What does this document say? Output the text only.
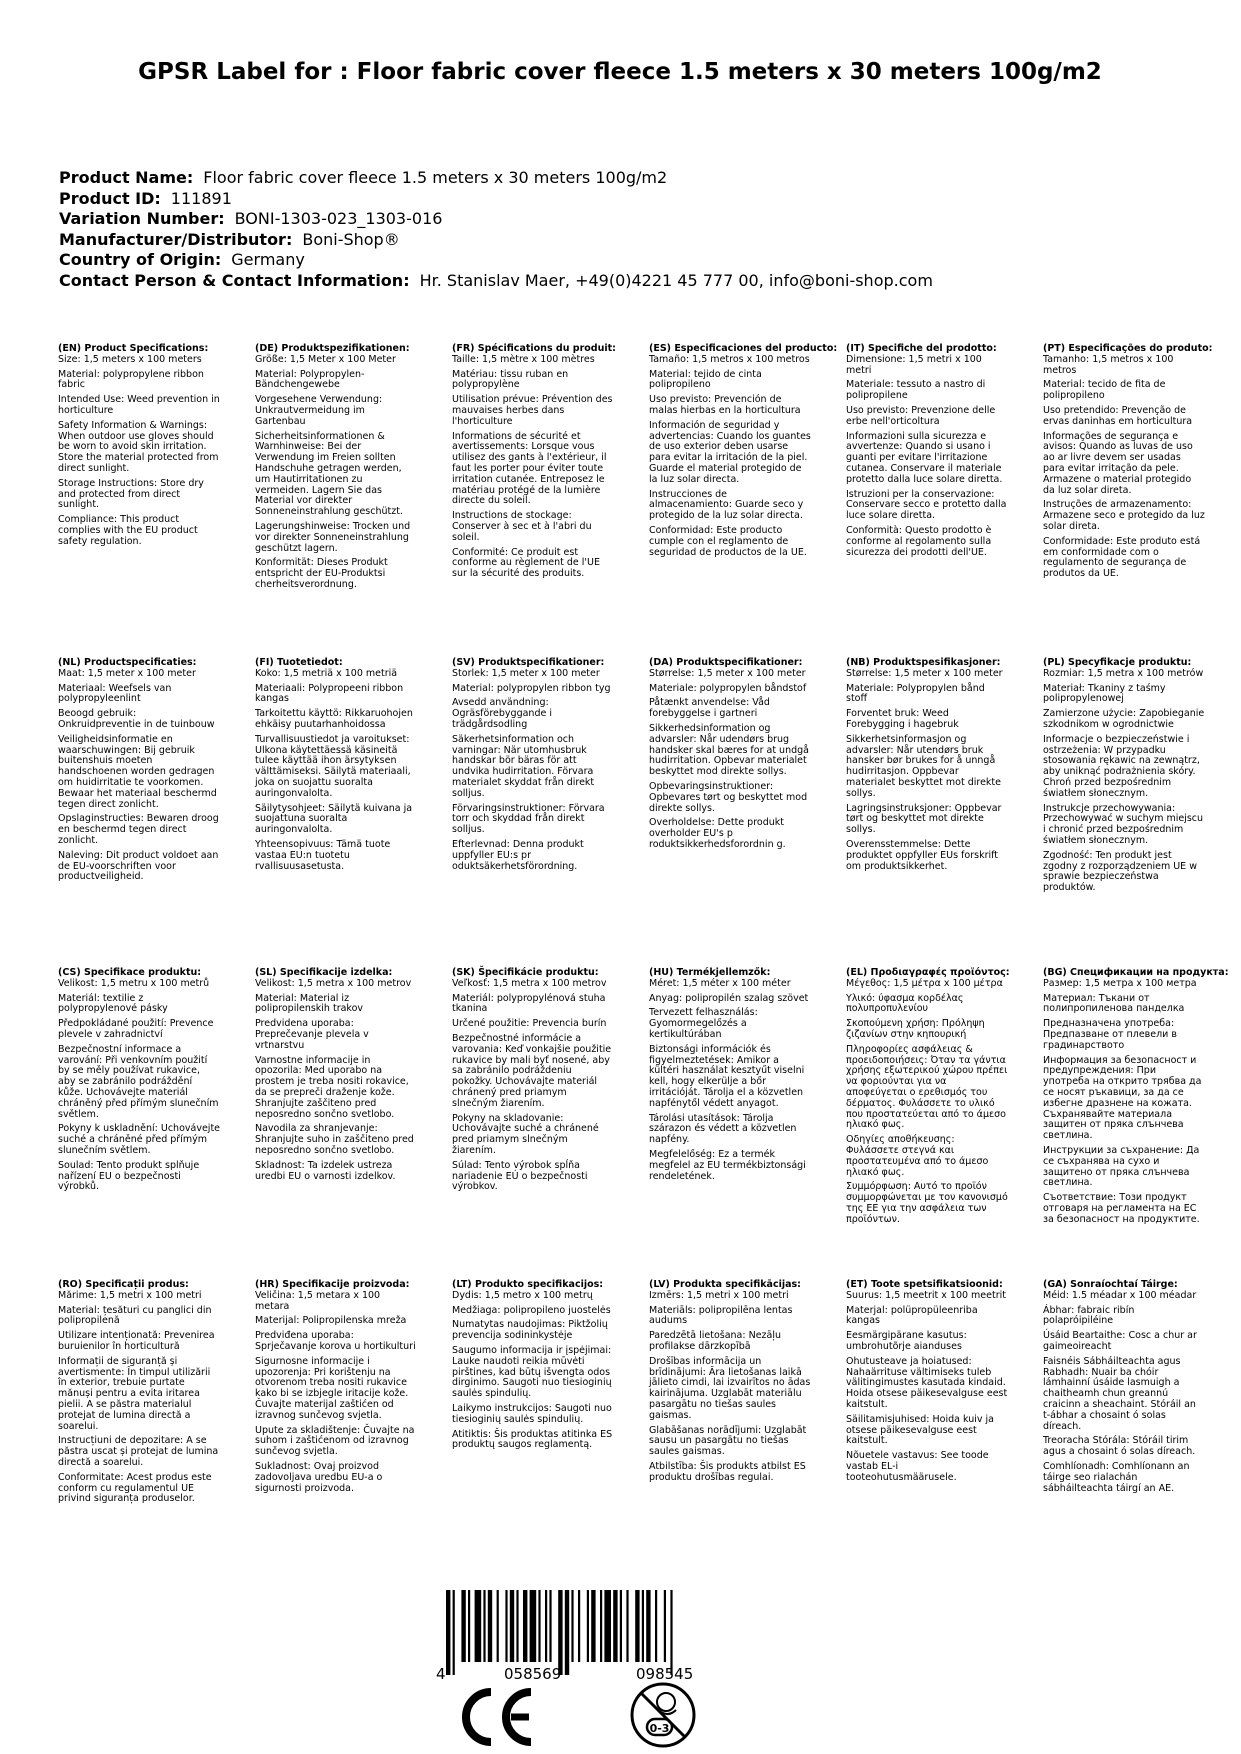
GPSR Label for : Floor fabric cover fleece 1.5 meters x 30 meters 100g/m2
Product Name: Floor fabric cover fleece 1.5 meters x 30 meters 100g/m2
Product ID: 111891
Variation Number: BONI-1303-023_1303-016
Manufacturer/Distributor: Boni-Shop®
Country of Origin: Germany
Contact Person & Contact Information: Hr. Stanislav Maer, +49(0)4221 45 777 00, info@boni-shop.com
(EN) Product Specifications:

Size: 1,5 meters x 100 meters

Material: polypropylene ribbon fabric

Intended Use: Weed prevention in horticulture

Safety Information & Warnings: When outdoor use gloves should be worn to avoid skin irritation. Store the material protected from direct sunlight.

Storage Instructions: Store dry and protected from direct sunlight.

Compliance: This product complies with the EU product safety regulation.

(DE) Produktspezifikationen:

Größe: 1,5 Meter x 100 Meter

Material: Polypropylen-Bändchengewebe

Vorgesehene Verwendung: Unkrautvermeidung im Gartenbau

Sicherheitsinformationen & Warnhinweise: Bei der Verwendung im Freien sollten Handschuhe getragen werden, um Hautirritationen zu vermeiden. Lagern Sie das Material vor direkter Sonneneinstrahlung geschützt.

Lagerungshinweise: Trocken und vor direkter Sonneneinstrahlung geschützt lagern.

Konformität: Dieses Produkt entspricht der EU-Produktsi cherheitsverordnung.

(FR) Spécifications du produit:

Taille: 1,5 mètre x 100 mètres

Matériau: tissu ruban en polypropylène

Utilisation prévue: Prévention des mauvaises herbes dans l'horticulture

Informations de sécurité et avertissements: Lorsque vous utilisez des gants à l'extérieur, il faut les porter pour éviter toute irritation cutanée. Entreposez le matériau protégé de la lumière directe du soleil.

Instructions de stockage: Conserver à sec et à l'abri du soleil.

Conformité: Ce produit est conforme au règlement de l'UE sur la sécurité des produits.

(ES) Especificaciones del producto:

Tamaño: 1,5 metros x 100 metros

Material: tejido de cinta polipropileno

Uso previsto: Prevención de malas hierbas en la horticultura

Información de seguridad y advertencias: Cuando los guantes de uso exterior deben usarse para evitar la irritación de la piel. Guarde el material protegido de la luz solar directa.

Instrucciones de almacenamiento: Guarde seco y protegido de la luz solar directa.

Conformidad: Este producto cumple con el reglamento de seguridad de productos de la UE.

(IT) Specifiche del prodotto:

Dimensione: 1,5 metri x 100 metri

Materiale: tessuto a nastro di polipropilene

Uso previsto: Prevenzione delle erbe nell'orticoltura

Informazioni sulla sicurezza e avvertenze: Quando si usano i guanti per evitare l'irritazione cutanea. Conservare il materiale protetto dalla luce solare diretta.

Istruzioni per la conservazione: Conservare secco e protetto dalla luce solare diretta.

Conformità: Questo prodotto è conforme al regolamento sulla sicurezza dei prodotti dell'UE.

(PT) Especificações do produto:

Tamanho: 1,5 metros x 100 metros

Material: tecido de fita de polipropileno

Uso pretendido: Prevenção de ervas daninhas em horticultura

Informações de segurança e avisos: Quando as luvas de uso ao ar livre devem ser usadas para evitar irritação da pele. Armazene o material protegido da luz solar direta.

Instruções de armazenamento: Armazene seco e protegido da luz solar direta.

Conformidade: Este produto está em conformidade com o regulamento de segurança de produtos da UE.

(NL) Productspecificaties:

Maat: 1,5 meter x 100 meter

Materiaal: Weefsels van polypropyleenlint

Beoogd gebruik: Onkruidpreventie in de tuinbouw

Veiligheidsinformatie en waarschuwingen: Bij gebruik buitenshuis moeten handschoenen worden gedragen om huidirritatie te voorkomen. Bewaar het materiaal beschermd tegen direct zonlicht.

Opslaginstructies: Bewaren droog en beschermd tegen direct zonlicht.

Naleving: Dit product voldoet aan de EU-voorschriften voor productveiligheid.

(FI) Tuotetiedot:

Koko: 1,5 metriä x 100 metriä

Materiaali: Polypropeeni ribbon kangas

Tarkoitettu käyttö: Rikkaruohojen ehkäisy puutarhanhoidossa

Turvallisuustiedot ja varoitukset: Ulkona käytettäessä käsineitä tulee käyttää ihon ärsytyksen välttämiseksi. Säilytä materiaali, joka on suojattu suoralta auringonvalolta.

Säilytysohjeet: Säilytä kuivana ja suojattuna suoralta auringonvalolta.

Yhteensopivuus: Tämä tuote vastaa EU:n tuotetu rvallisuusasetusta.

(SV) Produktspecifikationer:

Storlek: 1,5 meter x 100 meter

Material: polypropylen ribbon tyg

Avsedd användning: Ogräsförebyggande i trädgårdsodling

Säkerhetsinformation och varningar: När utomhusbruk handskar bör bäras för att undvika hudirritation. Förvara materialet skyddat från direkt solljus.

Förvaringsinstruktioner: Förvara torr och skyddad från direkt solljus.

Efterlevnad: Denna produkt uppfyller EU:s pr oduktsäkerhetsförordning.

(DA) Produktspecifikationer:

Størrelse: 1,5 meter x 100 meter

Materiale: polypropylen båndstof

Påtænkt anvendelse: Våd forebyggelse i gartneri

Sikkerhedsinformation og advarsler: Når udendørs brug handsker skal bæres for at undgå hudirritation. Opbevar materialet beskyttet mod direkte sollys.

Opbevaringsinstruktioner: Opbevares tørt og beskyttet mod direkte sollys.

Overholdelse: Dette produkt overholder EU's p roduktsikkerhedsforordnin g.

(NB) Produktspesifikasjoner:

Størrelse: 1,5 meter x 100 meter

Materiale: Polypropylen bånd stoff

Forventet bruk: Weed Forebygging i hagebruk

Sikkerhetsinformasjon og advarsler: Når utendørs bruk hansker bør brukes for å unngå hudirritasjon. Oppbevar materialet beskyttet mot direkte sollys.

Lagringsinstruksjoner: Oppbevar tørt og beskyttet mot direkte sollys.

Overensstemmelse: Dette produktet oppfyller EUs forskrift om produktsikkerhet.

(PL) Specyfikacje produktu:

Rozmiar: 1,5 metra x 100 metrów

Materiał: Tkaniny z taśmy polipropylenowej

Zamierzone użycie: Zapobieganie szkodnikom w ogrodnictwie

Informacje o bezpieczeństwie i ostrzeżenia: W przypadku stosowania rękawic na zewnątrz, aby uniknąć podrażnienia skóry. Chroń przed bezpośrednim światłem słonecznym.

Instrukcje przechowywania: Przechowywać w suchym miejscu i chronić przed bezpośrednim światłem słonecznym.

Zgodność: Ten produkt jest zgodny z rozporządzeniem UE w sprawie bezpieczeństwa produktów.

(CS) Specifikace produktu:

Velikost: 1,5 metru x 100 metrů

Materiál: textilie z polypropylenové pásky

Předpokládané použití: Prevence plevele v zahradnictví

Bezpečnostní informace a varování: Při venkovním použití by se měly používat rukavice, aby se zabránilo podráždění kůže. Uchovávejte materiál chráněný před přímým slunečním světlem.

Pokyny k uskladnění: Uchovávejte suché a chráněné před přímým slunečním světlem.

Soulad: Tento produkt splňuje nařízení EU o bezpečnosti výrobků.

(SL) Specifikacije izdelka:

Velikost: 1,5 metra x 100 metrov

Material: Material iz polipropilenskih trakov

Predvidena uporaba: Preprečevanje plevela v vrtnarstvu

Varnostne informacije in opozorila: Med uporabo na prostem je treba nositi rokavice, da se prepreči draženje kože. Shranjujte zaščiteno pred neposredno sončno svetlobo.

Navodila za shranjevanje: Shranjujte suho in zaščiteno pred neposredno sončno svetlobo.

Skladnost: Ta izdelek ustreza uredbi EU o varnosti izdelkov.

(SK) Špecifikácie produktu:

Veľkosť: 1,5 metra x 100 metrov

Materiál: polypropylénová stuha tkanina

Určené použitie: Prevencia burín

Bezpečnostné informácie a varovania: Keď vonkajšie použitie rukavice by mali byť nosené, aby sa zabránilo podráždeniu pokožky. Uchovávajte materiál chránený pred priamym slnečným žiarením.

Pokyny na skladovanie: Uchovávajte suché a chránené pred priamym slnečným žiarením.

Súlad: Tento výrobok spĺňa nariadenie EÚ o bezpečnosti výrobkov.

(HU) Termékjellemzők:

Méret: 1,5 méter x 100 méter

Anyag: polipropilén szalag szövet

Tervezett felhasználás: Gyomormegelőzés a kertikultúrában

Biztonsági információk és figyelmeztetések: Amikor a kültéri használat kesztyűt viselni kell, hogy elkerülje a bőr irritációját. Tárolja el a közvetlen napfénytől védett anyagot.

Tárolási utasítások: Tárolja szárazon és védett a közvetlen napfény.

Megfelelőség: Ez a termék megfelel az EU termékbiztonsági rendeletének.

(EL) Προδιαγραφές προϊόντος:

Μέγεθος: 1,5 μέτρα x 100 μέτρα

Υλικό: ύφασμα κορδέλας πολυπροπυλενίου

Σκοπούμενη χρήση: Πρόληψη ζιζανίων στην κηπουρική

Πληροφορίες ασφάλειας & προειδοποιήσεις: Όταν τα γάντια χρήσης εξωτερικού χώρου πρέπει να φοριούνται για να αποφεύγεται ο ερεθισμός του δέρματος. Φυλάσσετε το υλικό που προστατεύεται από το άμεσο ηλιακό φως.

Οδηγίες αποθήκευσης: Φυλάσσετε στεγνά και προστατευμένα από το άμεσο ηλιακό φως.

Συμμόρφωση: Αυτό το προϊόν συμμορφώνεται με τον κανονισμό της ΕΕ για την ασφάλεια των προϊόντων.

(BG) Спецификации на продукта:

Размер: 1,5 метра x 100 метра

Материал: Тъкани от полипропиленова панделка

Предназначена употреба: Предпазване от плевели в градинарството

Информация за безопасност и предупреждения: При употреба на открито трябва да се носят ръкавици, за да се избегне дразнене на кожата. Съхранявайте материала защитен от пряка слънчева светлина.

Инструкции за съхранение: Да се съхранява на сухо и защитено от пряка слънчева светлина.

Съответствие: Този продукт отговаря на регламента на ЕС за безопасност на продуктите.

(RO) Specificații produs:

Mărime: 1,5 metri x 100 metri

Material: țesături cu panglici din polipropilenă

Utilizare intenționată: Prevenirea buruienilor în horticultură

Informații de siguranță și avertismente: În timpul utilizării în exterior, trebuie purtate mănuși pentru a evita iritarea pielii. A se păstra materialul protejat de lumina directă a soarelui.

Instrucțiuni de depozitare: A se păstra uscat și protejat de lumina directă a soarelui.

Conformitate: Acest produs este conform cu regulamentul UE privind siguranța produselor.

(HR) Specifikacije proizvoda:

Veličina: 1,5 metara x 100 metara

Materijal: Polipropilenska mreža

Predviđena uporaba: Sprječavanje korova u hortikulturi

Sigurnosne informacije i upozorenja: Pri korištenju na otvorenom treba nositi rukavice kako bi se izbjegle iritacije kože. Čuvajte materijal zaštićen od izravnog sunčevog svjetla.

Upute za skladištenje: Čuvajte na suhom i zaštićenom od izravnog sunčevog svjetla.

Sukladnost: Ovaj proizvod zadovoljava uredbu EU-a o sigurnosti proizvoda.

(LT) Produkto specifikacijos:

Dydis: 1,5 metro x 100 metrų

Medžiaga: polipropileno juostelės

Numatytas naudojimas: Piktžolių prevencija sodininkystėje

Saugumo informacija ir įspėjimai: Lauke naudoti reikia mūvėti pirštines, kad būtų išvengta odos dirginimo. Saugoti nuo tiesioginių saulės spindulių.

Laikymo instrukcijos: Saugoti nuo tiesioginių saulės spindulių.

Atitiktis: Šis produktas atitinka ES produktų saugos reglamentą.

(LV) Produkta specifikācijas:

Izmērs: 1,5 metri x 100 metri

Materiāls: polipropilēna lentas audums

Paredzētā lietošana: Nezāļu profilakse dārzkopībā

Drošības informācija un brīdinājumi: Āra lietošanas laikā jālieto cimdi, lai izvairītos no ādas kairinājuma. Uzglabāt materiālu pasargātu no tiešas saules gaismas.

Glabāšanas norādījumi: Uzglabāt sausu un pasargātu no tiešas saules gaismas.

Atbilstība: Šis produkts atbilst ES produktu drošības regulai.

(ET) Toote spetsifikatsioonid:

Suurus: 1,5 meetrit x 100 meetrit

Materjal: polüpropüleenriba kangas

Eesmärgipärane kasutus: umbrohutõrje aianduses

Ohutusteave ja hoiatused: Nahaärrituse vältimiseks tuleb välitingimustes kasutada kindaid. Hoida otsese päikesevalguse eest kaitstult.

Säilitamisjuhised: Hoida kuiv ja otsese päikesevalguse eest kaitstult.

Nõuetele vastavus: See toode vastab EL-i tooteohutusmäärusele.

(GA) Sonraíochtaí Táirge:

Méid: 1.5 méadar x 100 méadar

Ábhar: fabraic ribín polapróipiléine

Úsáid Beartaithe: Cosc a chur ar gaimeoireacht

Faisnéis Sábháilteachta agus Rabhadh: Nuair ba chóir lámhainní úsáide lasmuigh a chaitheamh chun greannú craicinn a sheachaint. Stóráil an t-ábhar a chosaint ó solas díreach.

Treoracha Stórála: Stóráil tirim agus a chosaint ó solas díreach.

Comhlíonadh: Comhlíonann an táirge seo rialachán sábháilteachta táirgí an AE.

4	058569	098545
0-3
